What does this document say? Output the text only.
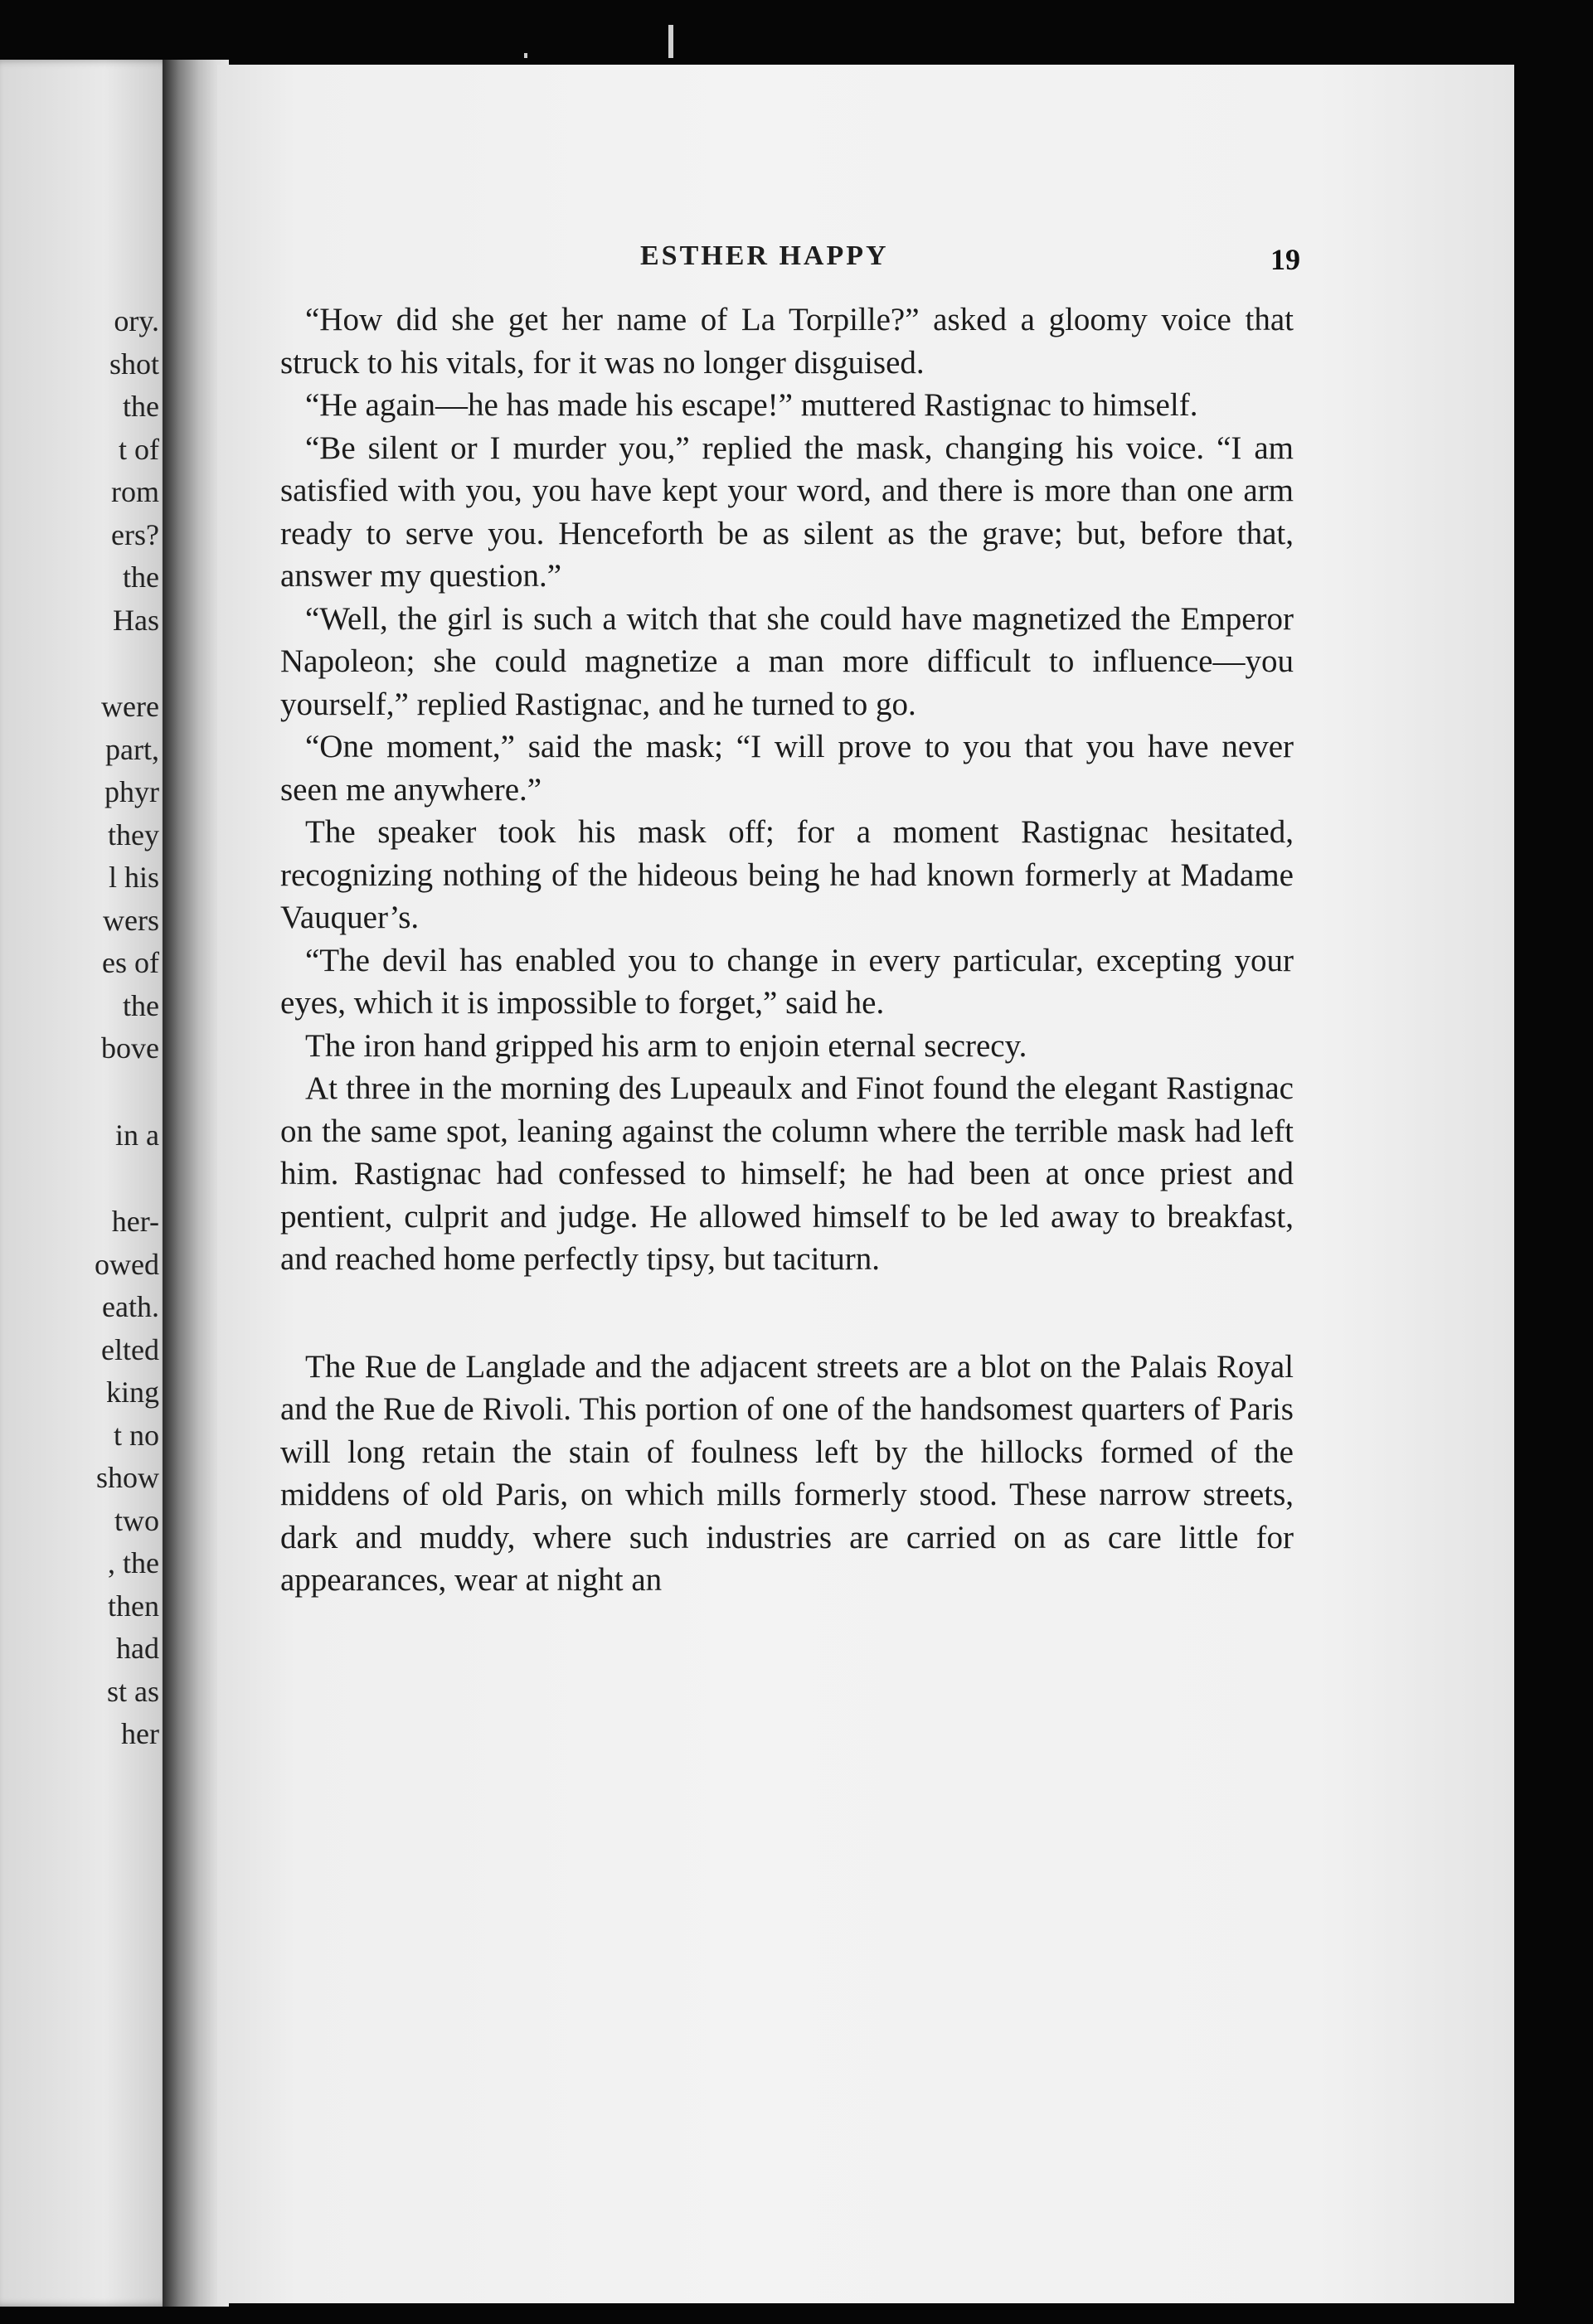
ory.
shot
the
t of
rom
ers?
the
Has
were
part,
phyr
they
l his
wers
es of
the
bove
in a
her-
owed
eath.
elted
king
t no
show
two
, the
then
had
st as
her
ESTHER HAPPY	19

“How did she get her name of La Torpille?” asked a gloomy voice that struck to his vitals, for it was no longer disguised.

“He again—he has made his escape!” muttered Rastignac to himself.

“Be silent or I murder you,” replied the mask, changing his voice. “I am satisfied with you, you have kept your word, and there is more than one arm ready to serve you. Henceforth be as silent as the grave; but, before that, answer my question.”

“Well, the girl is such a witch that she could have magnetized the Emperor Napoleon; she could magnetize a man more difficult to influence—you yourself,” replied Rastignac, and he turned to go.

“One moment,” said the mask; “I will prove to you that you have never seen me anywhere.”

The speaker took his mask off; for a moment Rastignac hesitated, recognizing nothing of the hideous being he had known formerly at Madame Vauquer’s.

“The devil has enabled you to change in every particular, excepting your eyes, which it is impossible to forget,” said he.

The iron hand gripped his arm to enjoin eternal secrecy.

At three in the morning des Lupeaulx and Finot found the elegant Rastignac on the same spot, leaning against the column where the terrible mask had left him. Rastignac had confessed to himself; he had been at once priest and pentient, culprit and judge. He allowed himself to be led away to breakfast, and reached home perfectly tipsy, but taciturn.

The Rue de Langlade and the adjacent streets are a blot on the Palais Royal and the Rue de Rivoli. This portion of one of the handsomest quarters of Paris will long retain the stain of foulness left by the hillocks formed of the middens of old Paris, on which mills formerly stood. These narrow streets, dark and muddy, where such industries are carried on as care little for appearances, wear at night an
